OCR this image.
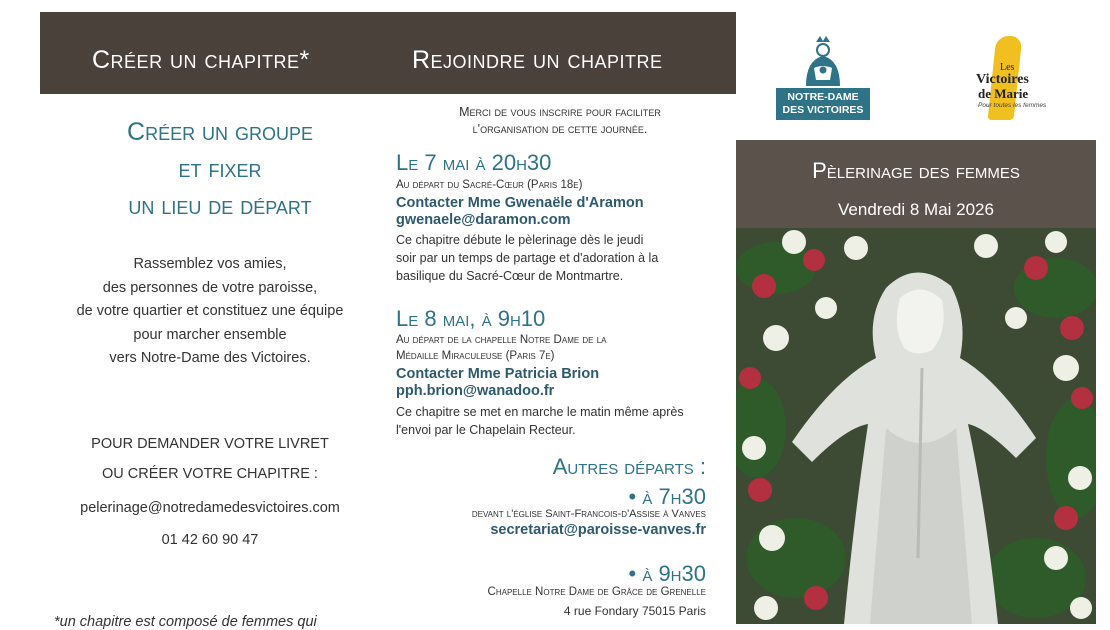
Créer un chapitre*	Rejoindre un chapitre
Créer un groupe
et fixer
un lieu de départ
Rassemblez vos amies,
des personnes de votre paroisse,
de votre quartier et constituez une équipe
pour marcher ensemble
vers Notre-Dame des Victoires.
POUR DEMANDER VOTRE LIVRET
OU CRÉER VOTRE CHAPITRE :
pelerinage@notredamedesvictoires.com
01 42 60 90 47
*un chapitre est composé de femmes qui
Merci de vous inscrire pour faciliter
l'organisation de cette journée.
Le 7 mai à 20h30
Au départ du Sacré-Cœur (Paris 18e)
Contacter Mme Gwenaële d'Aramon
gwenaele@daramon.com
Ce chapitre débute le pèlerinage dès le jeudi
soir par un temps de partage et d'adoration à la
basilique du Sacré-Cœur de Montmartre.
Le 8 mai, à 9h10
Au départ de la chapelle Notre Dame de la
Médaille Miraculeuse (Paris 7e)
Contacter Mme Patricia Brion
pph.brion@wanadoo.fr
Ce chapitre se met en marche le matin même après
l'envoi par le Chapelain Recteur.
Autres départs :
• à 7h30
devant l'église Saint-Francois-d'Assise à Vanves
secretariat@paroisse-vanves.fr
• à 9h30
Chapelle Notre Dame de Grâce de Grenelle
4 rue Fondary 75015 Paris
NOTRE-DAME
DES VICTOIRES
Les
Victoires
de Marie
Pour toutes les femmes
Pèlerinage des femmes
Vendredi 8 Mai 2026
